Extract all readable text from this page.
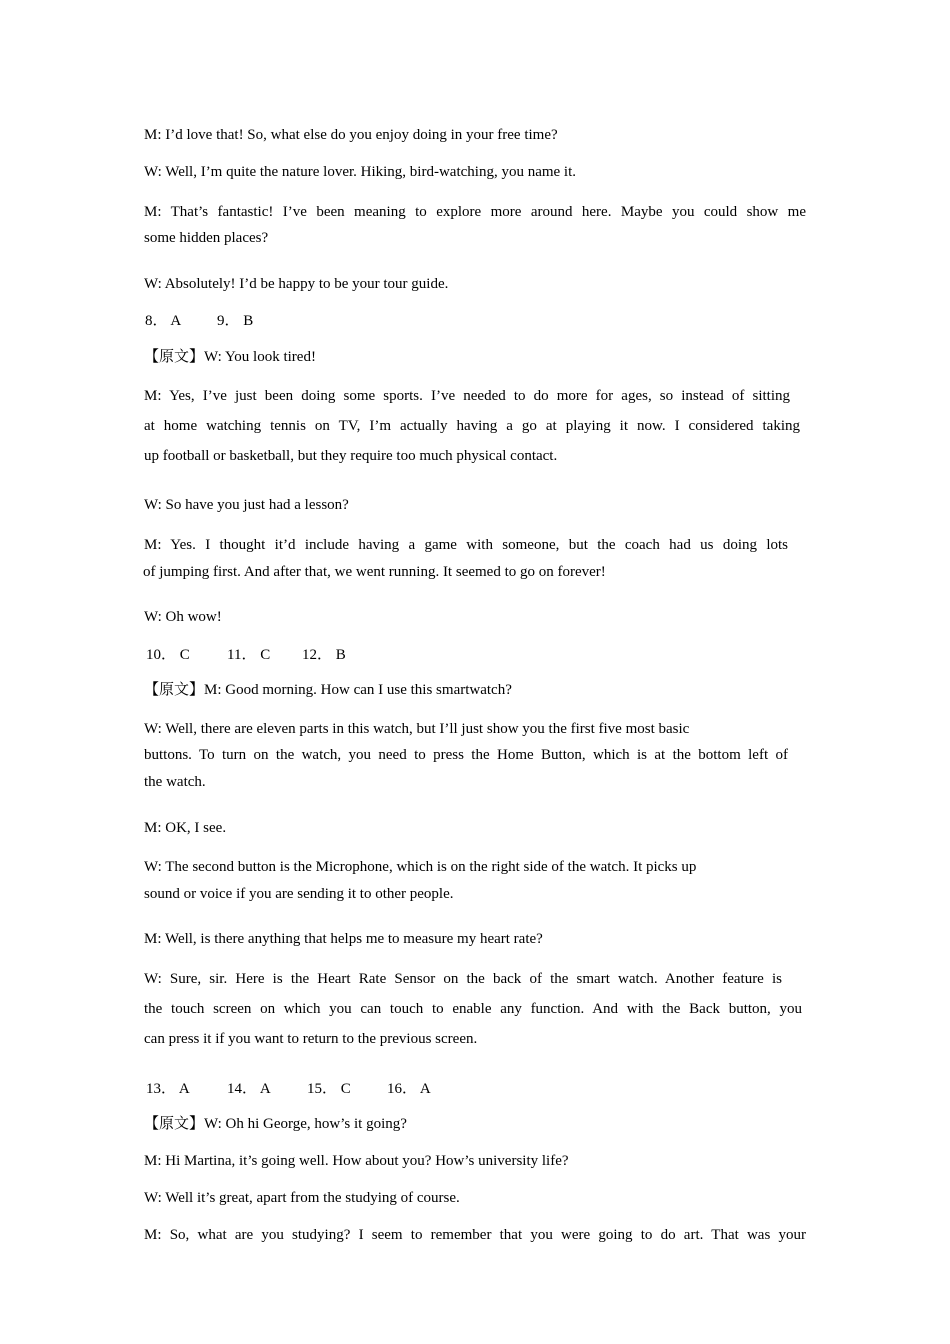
M: I’d love that! So, what else do you enjoy doing in your free time?
W: Well, I’m quite the nature lover. Hiking, bird-watching, you name it.
M: That’s fantastic! I’ve been meaning to explore more around here. Maybe you could show me
some hidden places?
W: Absolutely! I’d be happy to be your tour guide.
8． A 9． B
【原文】W: You look tired!
M: Yes, I’ve just been doing some sports. I’ve needed to do more for ages, so instead of sitting
at home watching tennis on TV, I’m actually having a go at playing it now. I considered taking
up football or basketball, but they require too much physical contact.
W: So have you just had a lesson?
M: Yes. I thought it’d include having a game with someone, but the coach had us doing lots
of jumping first. And after that, we went running. It seemed to go on forever!
W: Oh wow!
10． C 11． C 12． B
【原文】M: Good morning. How can I use this smartwatch?
W: Well, there are eleven parts in this watch, but I’ll just show you the first five most basic
buttons. To turn on the watch, you need to press the Home Button, which is at the bottom left of
the watch.
M: OK, I see.
W: The second button is the Microphone, which is on the right side of the watch. It picks up
sound or voice if you are sending it to other people.
M: Well, is there anything that helps me to measure my heart rate?
W: Sure, sir. Here is the Heart Rate Sensor on the back of the smart watch. Another feature is
the touch screen on which you can touch to enable any function. And with the Back button, you
can press it if you want to return to the previous screen.
13． A 14． A 15． C 16． A
【原文】W: Oh hi George, how’s it going?
M: Hi Martina, it’s going well. How about you? How’s university life?
W: Well it’s great, apart from the studying of course.
M: So, what are you studying? I seem to remember that you were going to do art. That was your
